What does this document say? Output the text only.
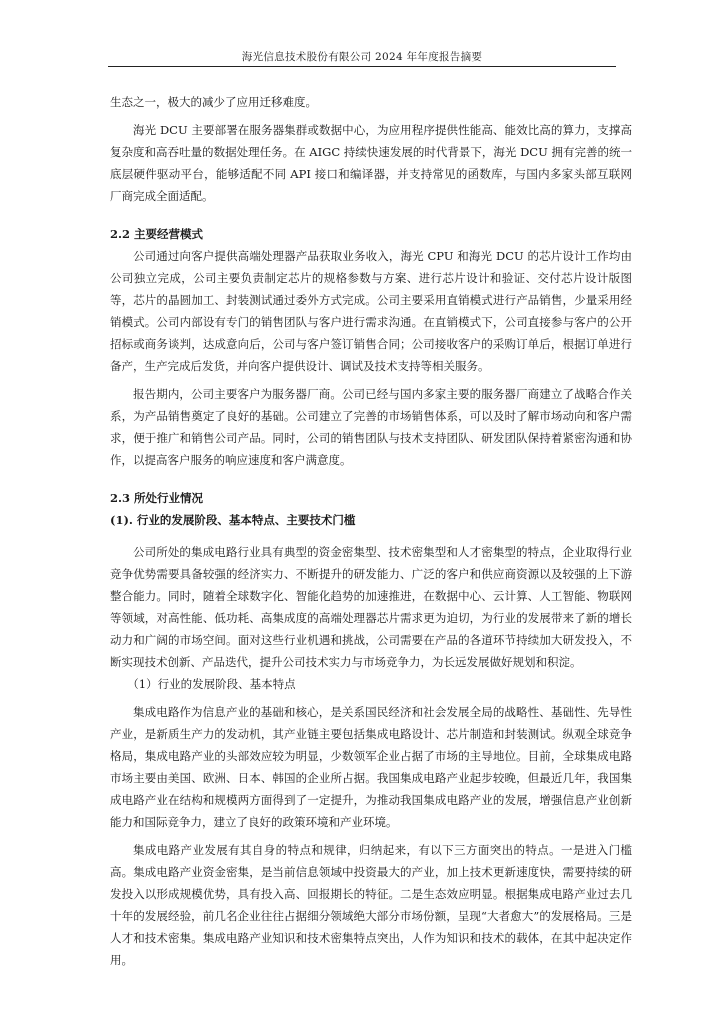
海光信息技术股份有限公司 2024 年年度报告摘要

生态之一，极大的减少了应用迁移难度。

海光 DCU 主要部署在服务器集群或数据中心，为应用程序提供性能高、能效比高的算力，支撑高复杂度和高吞吐量的数据处理任务。在 AIGC 持续快速发展的时代背景下，海光 DCU 拥有完善的统一底层硬件驱动平台，能够适配不同 API 接口和编译器，并支持常见的函数库，与国内多家头部互联网厂商完成全面适配。

2.2 主要经营模式

公司通过向客户提供高端处理器产品获取业务收入，海光 CPU 和海光 DCU 的芯片设计工作均由公司独立完成，公司主要负责制定芯片的规格参数与方案、进行芯片设计和验证、交付芯片设计版图等，芯片的晶圆加工、封装测试通过委外方式完成。公司主要采用直销模式进行产品销售，少量采用经销模式。公司内部设有专门的销售团队与客户进行需求沟通。在直销模式下，公司直接参与客户的公开招标或商务谈判，达成意向后，公司与客户签订销售合同；公司接收客户的采购订单后，根据订单进行备产，生产完成后发货，并向客户提供设计、调试及技术支持等相关服务。

报告期内，公司主要客户为服务器厂商。公司已经与国内多家主要的服务器厂商建立了战略合作关系，为产品销售奠定了良好的基础。公司建立了完善的市场销售体系，可以及时了解市场动向和客户需求，便于推广和销售公司产品。同时，公司的销售团队与技术支持团队、研发团队保持着紧密沟通和协作，以提高客户服务的响应速度和客户满意度。

2.3 所处行业情况
(1). 行业的发展阶段、基本特点、主要技术门槛

公司所处的集成电路行业具有典型的资金密集型、技术密集型和人才密集型的特点，企业取得行业竞争优势需要具备较强的经济实力、不断提升的研发能力、广泛的客户和供应商资源以及较强的上下游整合能力。同时，随着全球数字化、智能化趋势的加速推进，在数据中心、云计算、人工智能、物联网等领域，对高性能、低功耗、高集成度的高端处理器芯片需求更为迫切，为行业的发展带来了新的增长动力和广阔的市场空间。面对这些行业机遇和挑战，公司需要在产品的各道环节持续加大研发投入，不断实现技术创新、产品迭代，提升公司技术实力与市场竞争力，为长远发展做好规划和积淀。

（1）行业的发展阶段、基本特点

集成电路作为信息产业的基础和核心，是关系国民经济和社会发展全局的战略性、基础性、先导性产业，是新质生产力的发动机，其产业链主要包括集成电路设计、芯片制造和封装测试。纵观全球竞争格局，集成电路产业的头部效应较为明显，少数领军企业占据了市场的主导地位。目前，全球集成电路市场主要由美国、欧洲、日本、韩国的企业所占据。我国集成电路产业起步较晚，但最近几年，我国集成电路产业在结构和规模两方面得到了一定提升，为推动我国集成电路产业的发展，增强信息产业创新能力和国际竞争力，建立了良好的政策环境和产业环境。

集成电路产业发展有其自身的特点和规律，归纳起来，有以下三方面突出的特点。一是进入门槛高。集成电路产业资金密集，是当前信息领域中投资最大的产业，加上技术更新速度快，需要持续的研发投入以形成规模优势，具有投入高、回报期长的特征。二是生态效应明显。根据集成电路产业过去几十年的发展经验，前几名企业往往占据细分领域绝大部分市场份额，呈现“大者愈大”的发展格局。三是人才和技术密集。集成电路产业知识和技术密集特点突出，人作为知识和技术的载体，在其中起决定作用。
